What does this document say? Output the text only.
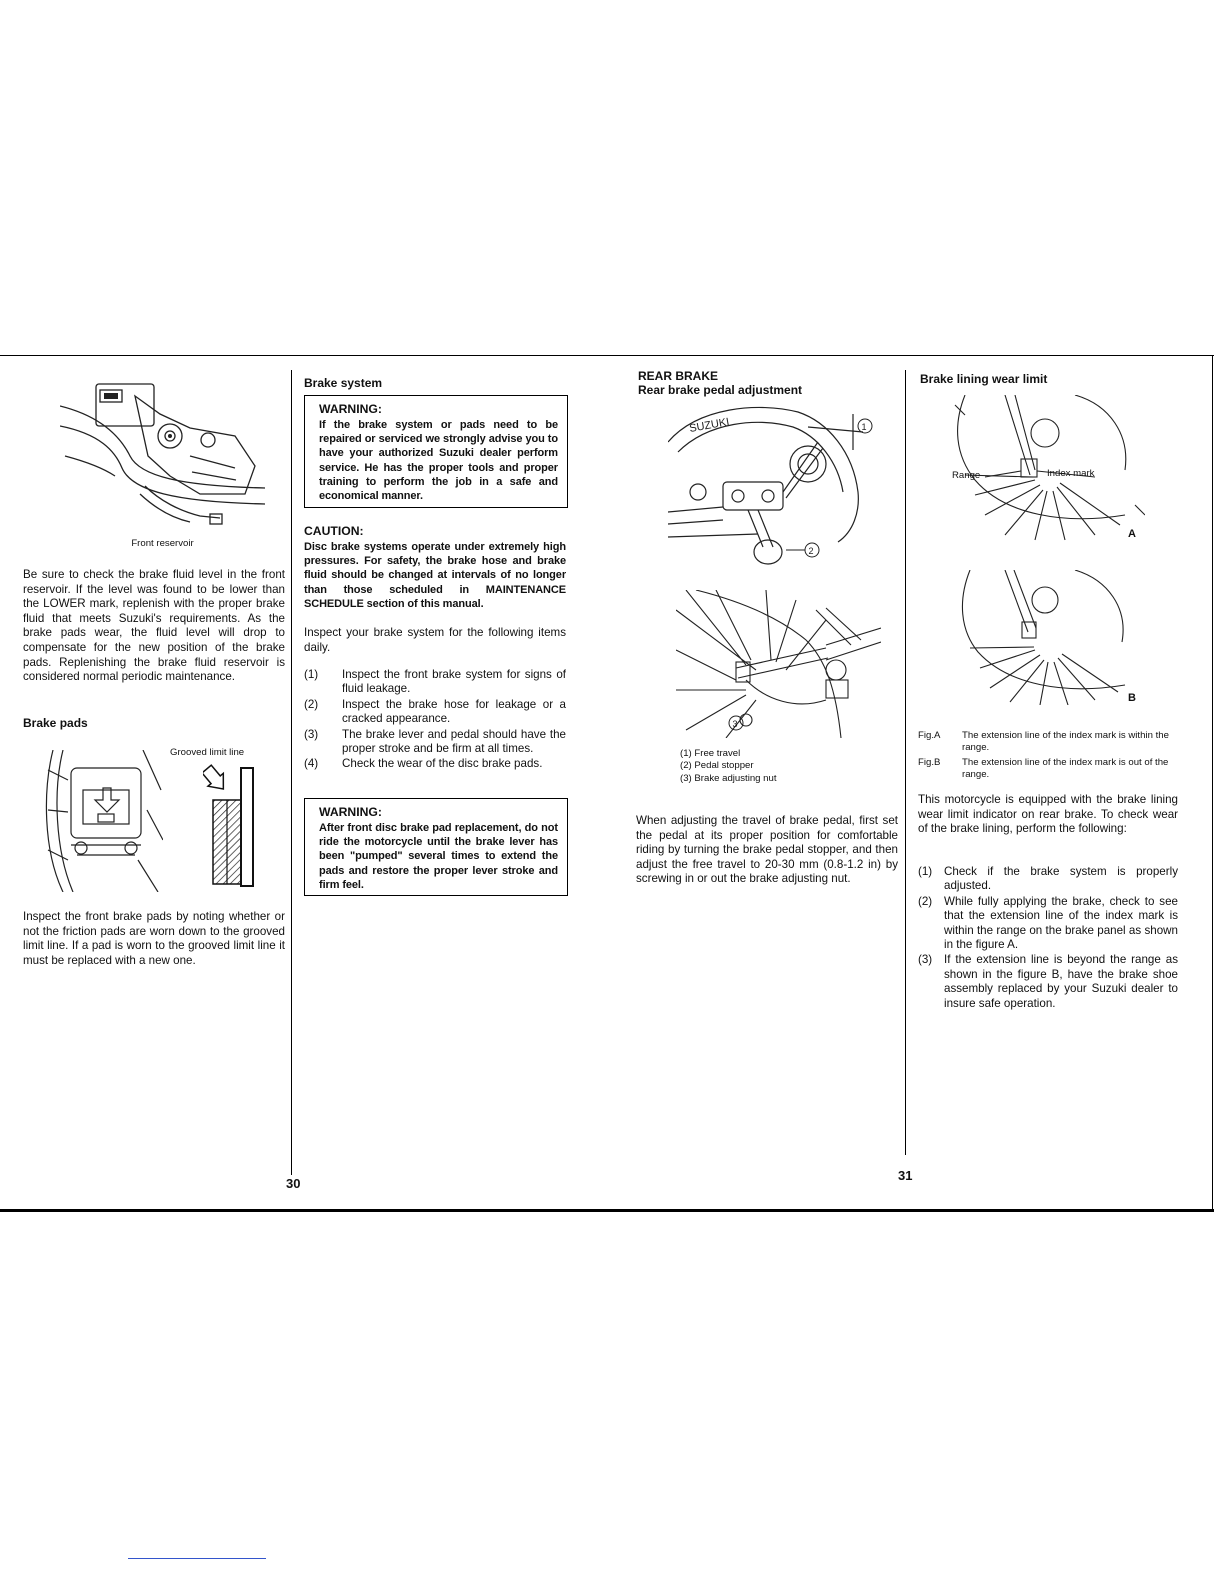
Front reservoir

Be sure to check the brake fluid level in the front reservoir. If the level was found to be lower than the LOWER mark, replenish with the proper brake fluid that meets Suzuki's requirements. As the brake pads wear, the fluid level will drop to compensate for the new position of the brake pads. Replenishing the brake fluid reservoir is considered normal periodic maintenance.

Brake pads
Grooved limit line

Inspect the front brake pads by noting whether or not the friction pads are worn down to the grooved limit line. If a pad is worn to the grooved limit line it must be replaced with a new one.

Brake system
WARNING:
If the brake system or pads need to be repaired or serviced we strongly advise you to have your authorized Suzuki dealer perform service. He has the proper tools and proper training to perform the job in a safe and economical manner.
CAUTION:
Disc brake systems operate under extremely high pressures. For safety, the brake hose and brake fluid should be changed at intervals of no longer than those scheduled in MAINTENANCE SCHEDULE section of this manual.

Inspect your brake system for the following items daily.

(1) Inspect the front brake system for signs of fluid leakage.
(2) Inspect the brake hose for leakage or a cracked appearance.
(3) The brake lever and pedal should have the proper stroke and be firm at all times.
(4) Check the wear of the disc brake pads.
WARNING:
After front disc brake pad replacement, do not ride the motorcycle until the brake lever has been "pumped" several times to extend the pads and restore the proper lever stroke and firm feel.
30
REAR BRAKE
Rear brake pedal adjustment
SUZUKI	1
2
3
(1) Free travel
(2) Pedal stopper
(3) Brake adjusting nut

When adjusting the travel of brake pedal, first set the pedal at its proper position for comfortable riding by turning the brake pedal stopper, and then adjust the free travel to 20-30 mm (0.8-1.2 in) by screwing in or out the brake adjusting nut.

Brake lining wear limit
Range	Index mark
A
B
Fig.A The extension line of the index mark is within the range.
Fig.B The extension line of the index mark is out of the range.

This motorcycle is equipped with the brake lining wear limit indicator on rear brake. To check wear of the brake lining, perform the following:

(1) Check if the brake system is properly adjusted.
(2) While fully applying the brake, check to see that the extension line of the index mark is within the range on the brake panel as shown in the figure A.
(3) If the extension line is beyond the range as shown in the figure B, have the brake shoe assembly replaced by your Suzuki dealer to insure safe operation.
31
